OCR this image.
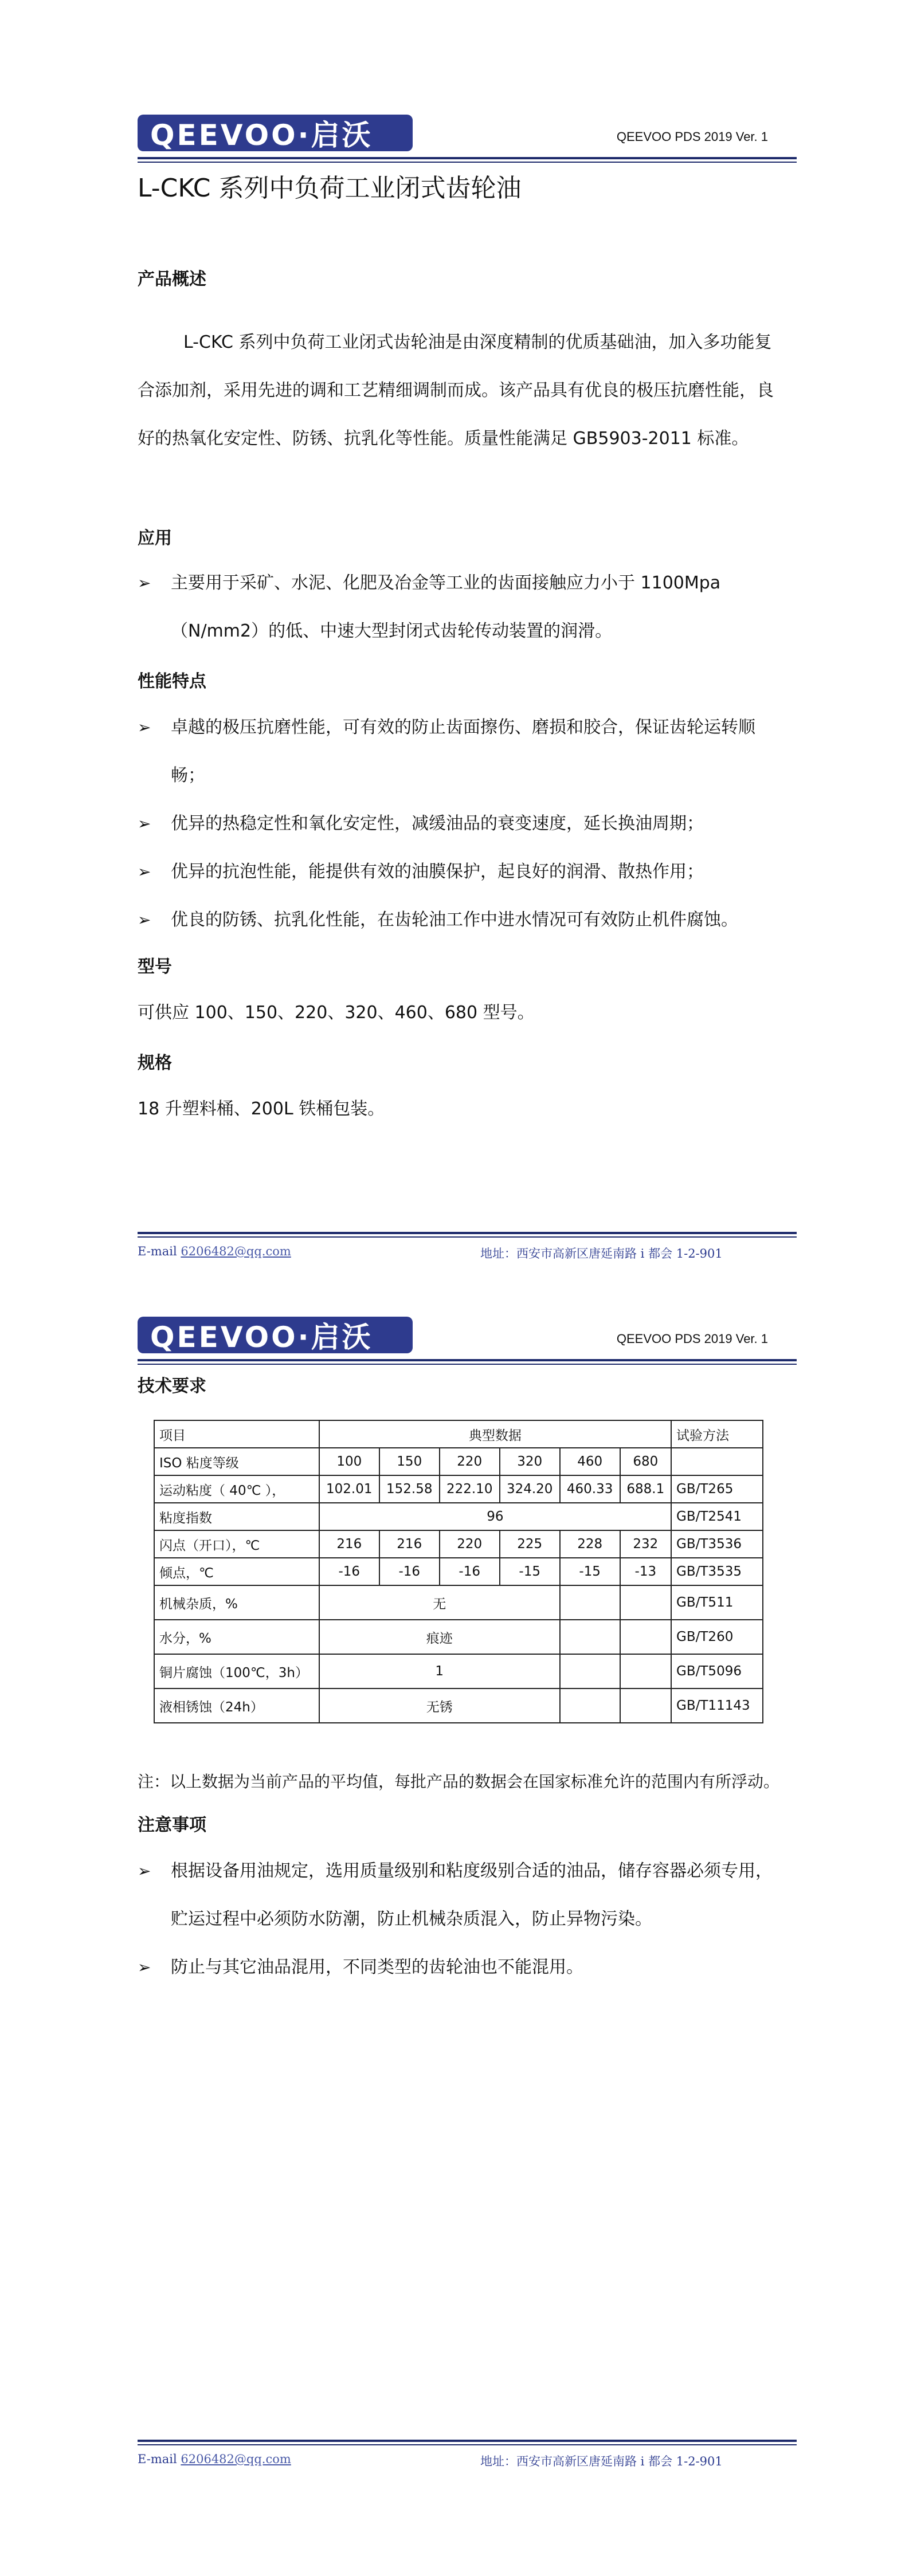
QEEVOO·启沃	QEEVOO PDS 2019 Ver. 1
L-CKC 系列中负荷工业闭式齿轮油
产品概述

L-CKC 系列中负荷工业闭式齿轮油是由深度精制的优质基础油，加入多功能复合添加剂，采用先进的调和工艺精细调制而成。该产品具有优良的极压抗磨性能，良好的热氧化安定性、防锈、抗乳化等性能。质量性能满足 GB5903-2011 标准。

应用
➢ 主要用于采矿、水泥、化肥及冶金等工业的齿面接触应力小于 1100Mpa（N/mm2）的低、中速大型封闭式齿轮传动装置的润滑。
性能特点
➢ 卓越的极压抗磨性能，可有效的防止齿面擦伤、磨损和胶合，保证齿轮运转顺畅；
➢ 优异的热稳定性和氧化安定性，减缓油品的衰变速度，延长换油周期；
➢ 优异的抗泡性能，能提供有效的油膜保护，起良好的润滑、散热作用；
➢ 优良的防锈、抗乳化性能，在齿轮油工作中进水情况可有效防止机件腐蚀。
型号

可供应 100、150、220、320、460、680 型号。

规格

18 升塑料桶、200L 铁桶包装。

E-mail 6206482@qq.com	地址：西安市高新区唐延南路 i 都会 1-2-901
QEEVOO·启沃	QEEVOO PDS 2019 Ver. 1
技术要求
项目	典型数据						试验方法
ISO 粘度等级	100	150	220	320	460	680	
运动粘度（ 40℃ ），	102.01	152.58	222.10	324.20	460.33	688.1	GB/T265
粘度指数	96						GB/T2541
闪点（开口），℃	216	216	220	225	228	232	GB/T3536
倾点，℃	-16	-16	-16	-15	-15	-13	GB/T3535
机械杂质，%	无						GB/T511
水分，%	痕迹						GB/T260
铜片腐蚀（100℃，3h）	1						GB/T5096
液相锈蚀（24h）	无锈						GB/T11143

注：以上数据为当前产品的平均值，每批产品的数据会在国家标准允许的范围内有所浮动。

注意事项
➢ 根据设备用油规定，选用质量级别和粘度级别合适的油品，储存容器必须专用，贮运过程中必须防水防潮，防止机械杂质混入，防止异物污染。
➢ 防止与其它油品混用，不同类型的齿轮油也不能混用。
E-mail 6206482@qq.com	地址：西安市高新区唐延南路 i 都会 1-2-901
